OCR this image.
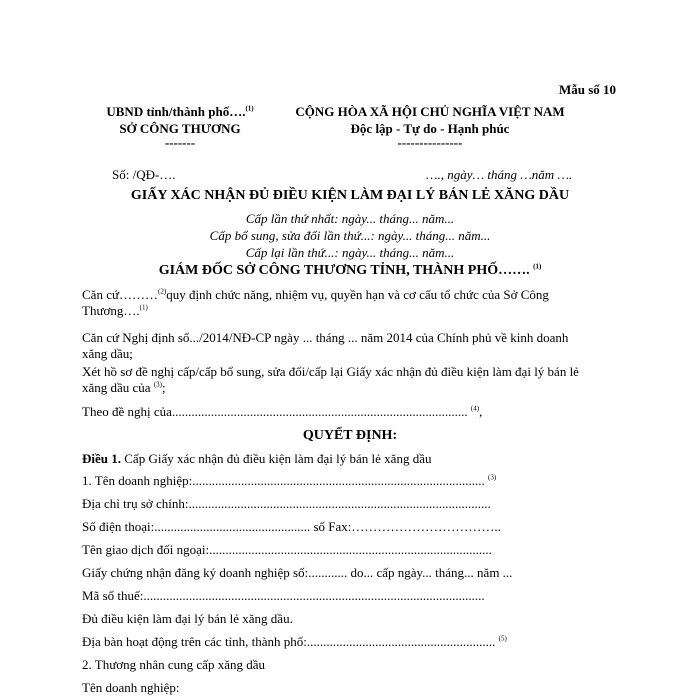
Mẫu số 10
UBND tỉnh/thành phố….$^{(1)}$
SỞ CÔNG THƯƠNG
-------
CỘNG HÒA XÃ HỘI CHỦ NGHĨA VIỆT NAM
Độc lập - Tự do - Hạnh phúc
---------------
Số: /QĐ-….	…., ngày… tháng …năm ….
GIẤY XÁC NHẬN ĐỦ ĐIỀU KIỆN LÀM ĐẠI LÝ BÁN LẺ XĂNG DẦU
Cấp lần thứ nhất: ngày... tháng... năm...
Cấp bổ sung, sửa đổi lần thứ...: ngày... tháng... năm...
Cấp lại lần thứ...: ngày... tháng... năm...
GIÁM ĐỐC SỞ CÔNG THƯƠNG TỈNH, THÀNH PHỐ……. $^{(1)}$
Căn cứ………$^{(2)}$quy định chức năng, nhiệm vụ, quyền hạn và cơ cấu tổ chức của Sở Công
Thương….$^{(1)}$
Căn cứ Nghị định số.../2014/NĐ-CP ngày ... tháng ... năm 2014 của Chính phủ về kinh doanh
xăng dầu;
Xét hồ sơ đề nghị cấp/cấp bổ sung, sửa đổi/cấp lại Giấy xác nhận đủ điều kiện làm đại lý bán lẻ
xăng dầu của $^{(3)}$;
Theo đề nghị của........................................................................................... $^{(4)}$,
QUYẾT ĐỊNH:
Điều 1. Cấp Giấy xác nhận đủ điều kiện làm đại lý bán lẻ xăng dầu
1. Tên doanh nghiệp:.......................................................................................... $^{(3)}$
Địa chỉ trụ sở chính:.............................................................................................
Số điện thoại:................................................ số Fax:……………………………..
Tên giao dịch đối ngoại:.......................................................................................
Giấy chứng nhận đăng ký doanh nghiệp số:............ do... cấp ngày... tháng... năm ...
Mã số thuế:.........................................................................................................
Đủ điều kiện làm đại lý bán lẻ xăng dầu.
Địa bàn hoạt động trên các tỉnh, thành phố:.......................................................... $^{(5)}$
2. Thương nhân cung cấp xăng dầu
Tên doanh nghiệp:
